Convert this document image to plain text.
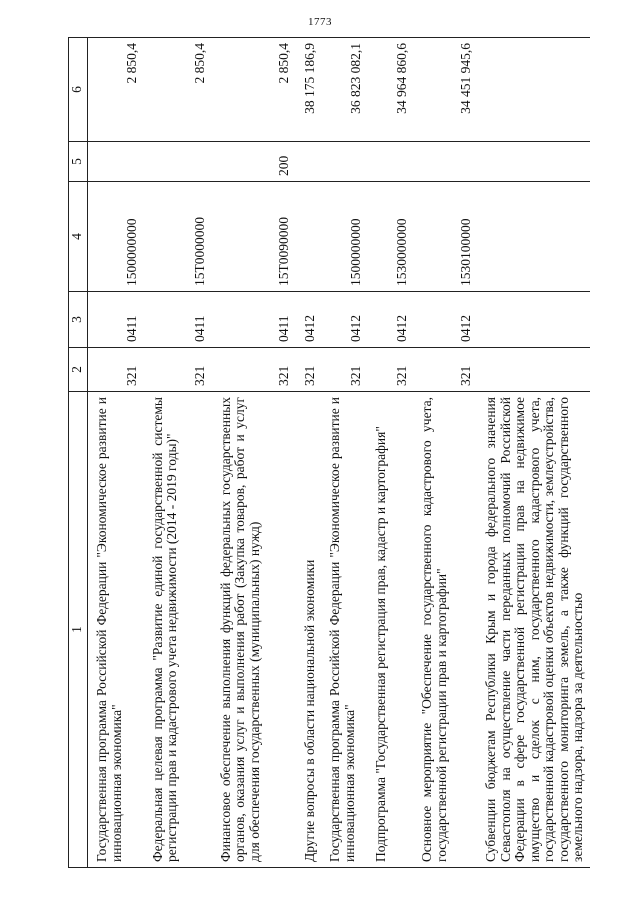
1773
1	2	3	4	5	6
Государственная программа Российской Федерации "Экономическое развитие и инновационная экономика"	321	0411	1500000000		2 850,4
Федеральная целевая программа "Развитие единой государственной системы регистрации прав и кадастрового учета недвижимости (2014 - 2019 годы)"	321	0411	15Т0000000		2 850,4
Финансовое обеспечение выполнения функций федеральных государственных органов, оказания услуг и выполнения работ (Закупка товаров, работ и услуг для обеспечения государственных (муниципальных) нужд)	321	0411	15Т0090000	200	2 850,4
Другие вопросы в области национальной экономики	321	0412			38 175 186,9
Государственная программа Российской Федерации "Экономическое развитие и инновационная экономика"	321	0412	1500000000		36 823 082,1
Подпрограмма "Государственная регистрация прав, кадастр и картография"	321	0412	1530000000		34 964 860,6
Основное мероприятие "Обеспечение государственного кадастрового учета, государственной регистрации прав и картографии"	321	0412	1530100000		34 451 945,6
Субвенции бюджетам Республики Крым и города федерального значения Севастополя на осуществление части переданных полномочий Российской Федерации в сфере государственной регистрации прав на недвижимое имущество и сделок с ним, государственного кадастрового учета, государственной кадастровой оценки объектов недвижимости, землеустройства, государственного мониторинга земель, а также функций государственного земельного надзора, надзора за деятельностью					
